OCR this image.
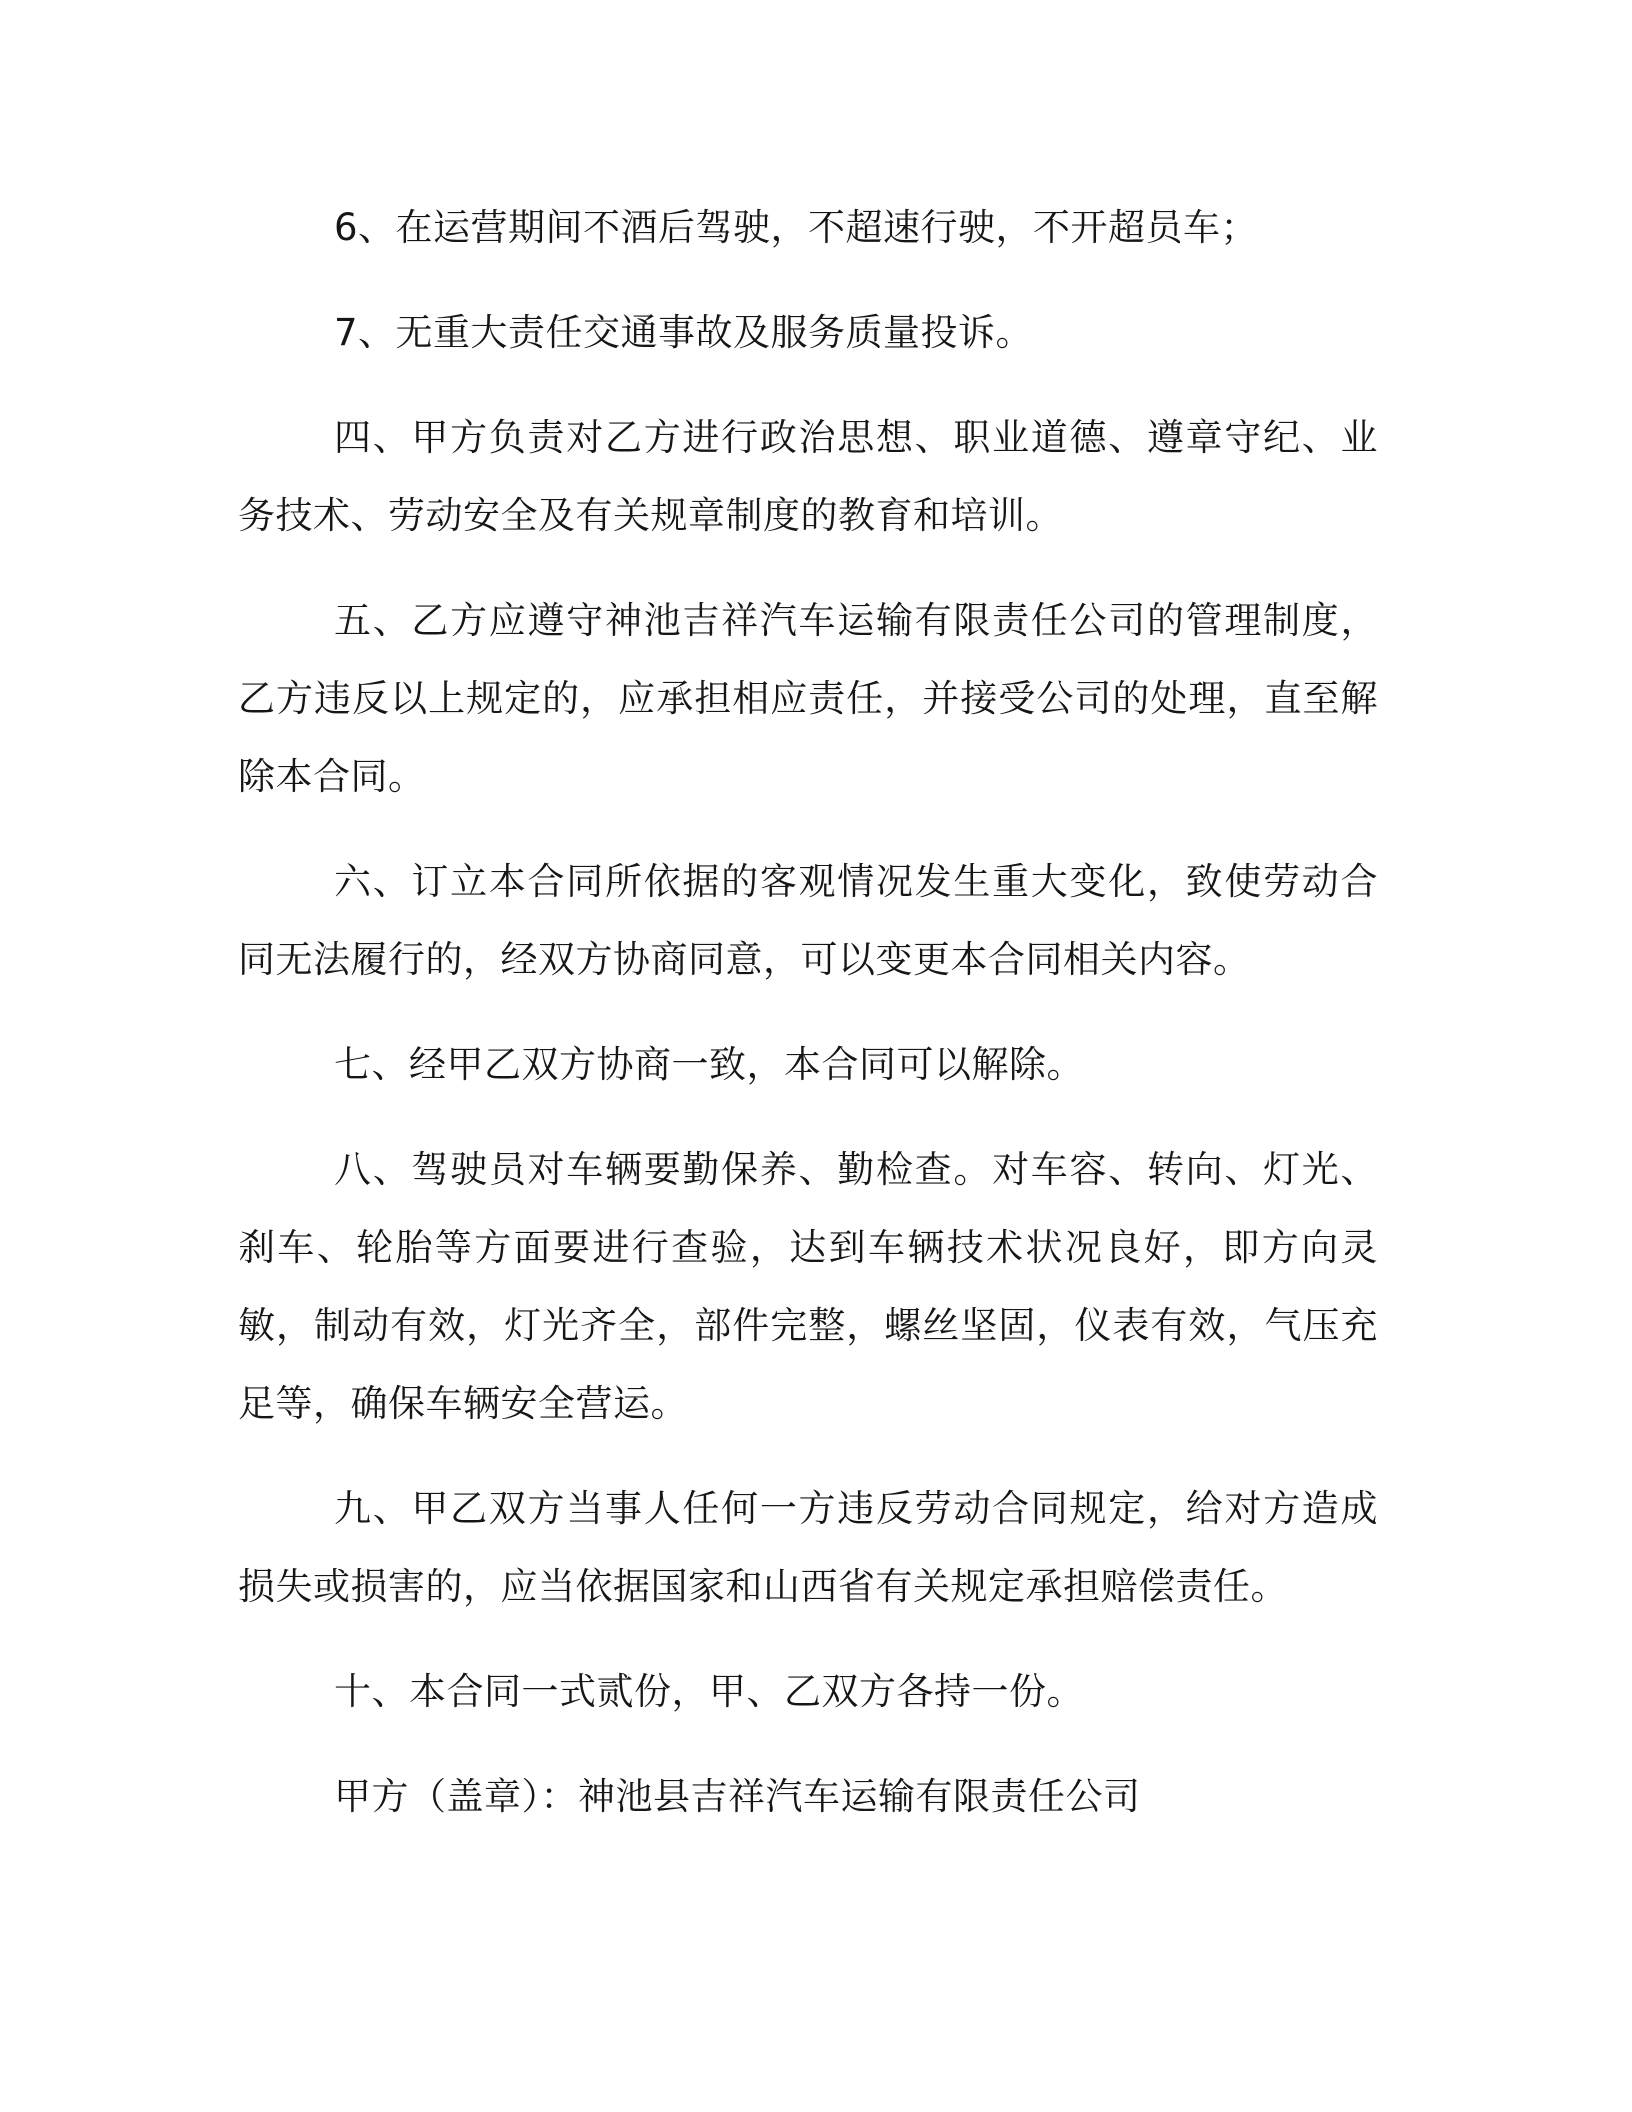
6、在运营期间不酒后驾驶，不超速行驶，不开超员车；

7、无重大责任交通事故及服务质量投诉。

四、甲方负责对乙方进行政治思想、职业道德、遵章守纪、业务技术、劳动安全及有关规章制度的教育和培训。

五、乙方应遵守神池吉祥汽车运输有限责任公司的管理制度，乙方违反以上规定的，应承担相应责任，并接受公司的处理，直至解除本合同。

六、订立本合同所依据的客观情况发生重大变化，致使劳动合同无法履行的，经双方协商同意，可以变更本合同相关内容。

七、经甲乙双方协商一致，本合同可以解除。

八、驾驶员对车辆要勤保养、勤检查。对车容、转向、灯光、刹车、轮胎等方面要进行查验，达到车辆技术状况良好，即方向灵敏，制动有效，灯光齐全，部件完整，螺丝坚固，仪表有效，气压充足等，确保车辆安全营运。

九、甲乙双方当事人任何一方违反劳动合同规定，给对方造成损失或损害的，应当依据国家和山西省有关规定承担赔偿责任。

十、本合同一式贰份，甲、乙双方各持一份。

甲方（盖章）：神池县吉祥汽车运输有限责任公司
